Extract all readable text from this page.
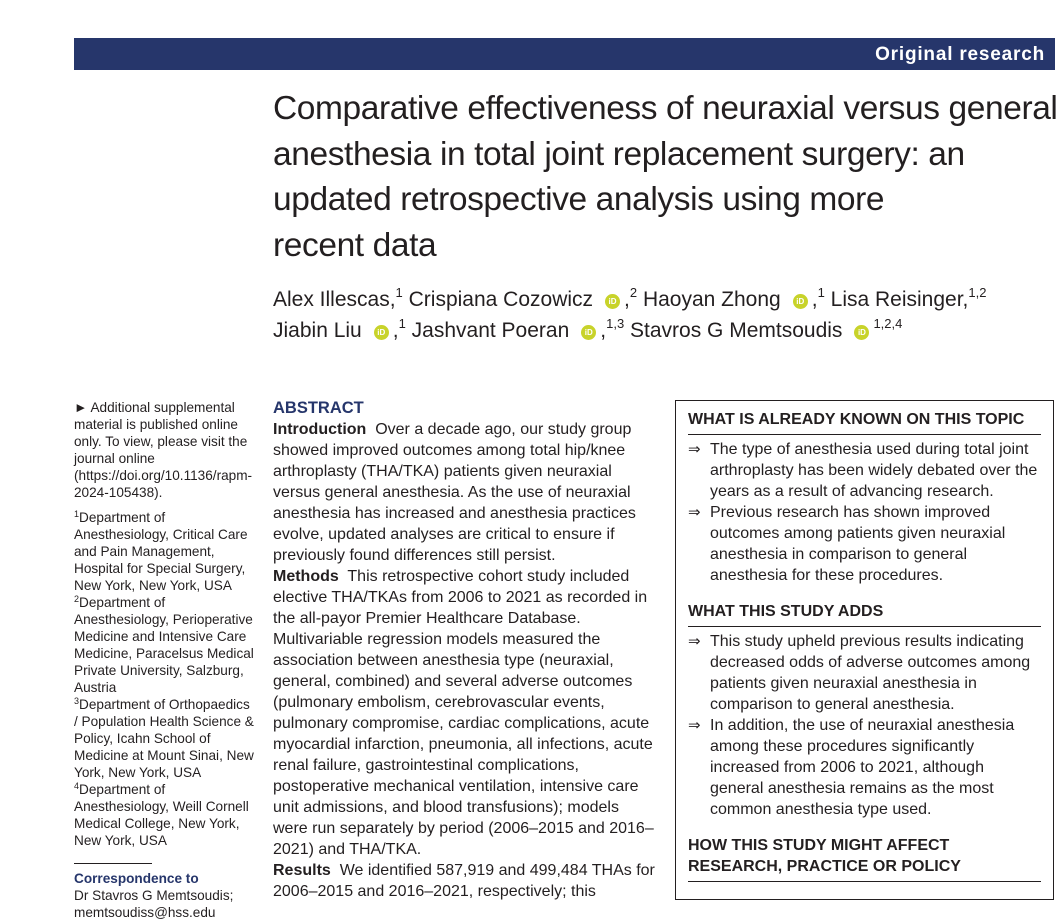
Original research
Comparative effectiveness of neuraxial versus general
anesthesia in total joint replacement surgery: an
updated retrospective analysis using more
recent data
Alex Illescas,$^1$ Crispiana Cozowicz iD ,$^2$ Haoyan Zhong iD ,$^1$ Lisa Reisinger,$^{1,2}$
Jiabin Liu iD ,$^1$ Jashvant Poeran iD ,$^{1,3}$ Stavros G Memtsoudis iD$^{1,2,4}$

► Additional supplemental material is published online only. To view, please visit the journal online (https://doi.org/10.1136/rapm-2024-105438).

$^1$Department of Anesthesiology, Critical Care and Pain Management, Hospital for Special Surgery, New York, New York, USA

$^2$Department of Anesthesiology, Perioperative Medicine and Intensive Care Medicine, Paracelsus Medical Private University, Salzburg, Austria

$^3$Department of Orthopaedics / Population Health Science & Policy, Icahn School of Medicine at Mount Sinai, New York, New York, USA

$^4$Department of Anesthesiology, Weill Cornell Medical College, New York, New York, USA

Correspondence to

Dr Stavros G Memtsoudis;

memtsoudiss@hss.edu

ABSTRACT

Introduction Over a decade ago, our study group showed improved outcomes among total hip/knee arthroplasty (THA/TKA) patients given neuraxial versus general anesthesia. As the use of neuraxial anesthesia has increased and anesthesia practices evolve, updated analyses are critical to ensure if previously found differences still persist.

Methods This retrospective cohort study included elective THA/TKAs from 2006 to 2021 as recorded in the all-payor Premier Healthcare Database. Multivariable regression models measured the association between anesthesia type (neuraxial, general, combined) and several adverse outcomes (pulmonary embolism, cerebrovascular events, pulmonary compromise, cardiac complications, acute myocardial infarction, pneumonia, all infections, acute renal failure, gastrointestinal complications, postoperative mechanical ventilation, intensive care unit admissions, and blood transfusions); models were run separately by period (2006–2015 and 2016–2021) and THA/TKA.

Results We identified 587,919 and 499,484 THAs for 2006–2015 and 2016–2021, respectively; this

WHAT IS ALREADY KNOWN ON THIS TOPIC
⇒ The type of anesthesia used during total joint arthroplasty has been widely debated over the years as a result of advancing research.
⇒ Previous research has shown improved outcomes among patients given neuraxial anesthesia in comparison to general anesthesia for these procedures.
WHAT THIS STUDY ADDS
⇒ This study upheld previous results indicating decreased odds of adverse outcomes among patients given neuraxial anesthesia in comparison to general anesthesia.
⇒ In addition, the use of neuraxial anesthesia among these procedures significantly increased from 2006 to 2021, although general anesthesia remains as the most common anesthesia type used.
HOW THIS STUDY MIGHT AFFECT RESEARCH, PRACTICE OR POLICY
